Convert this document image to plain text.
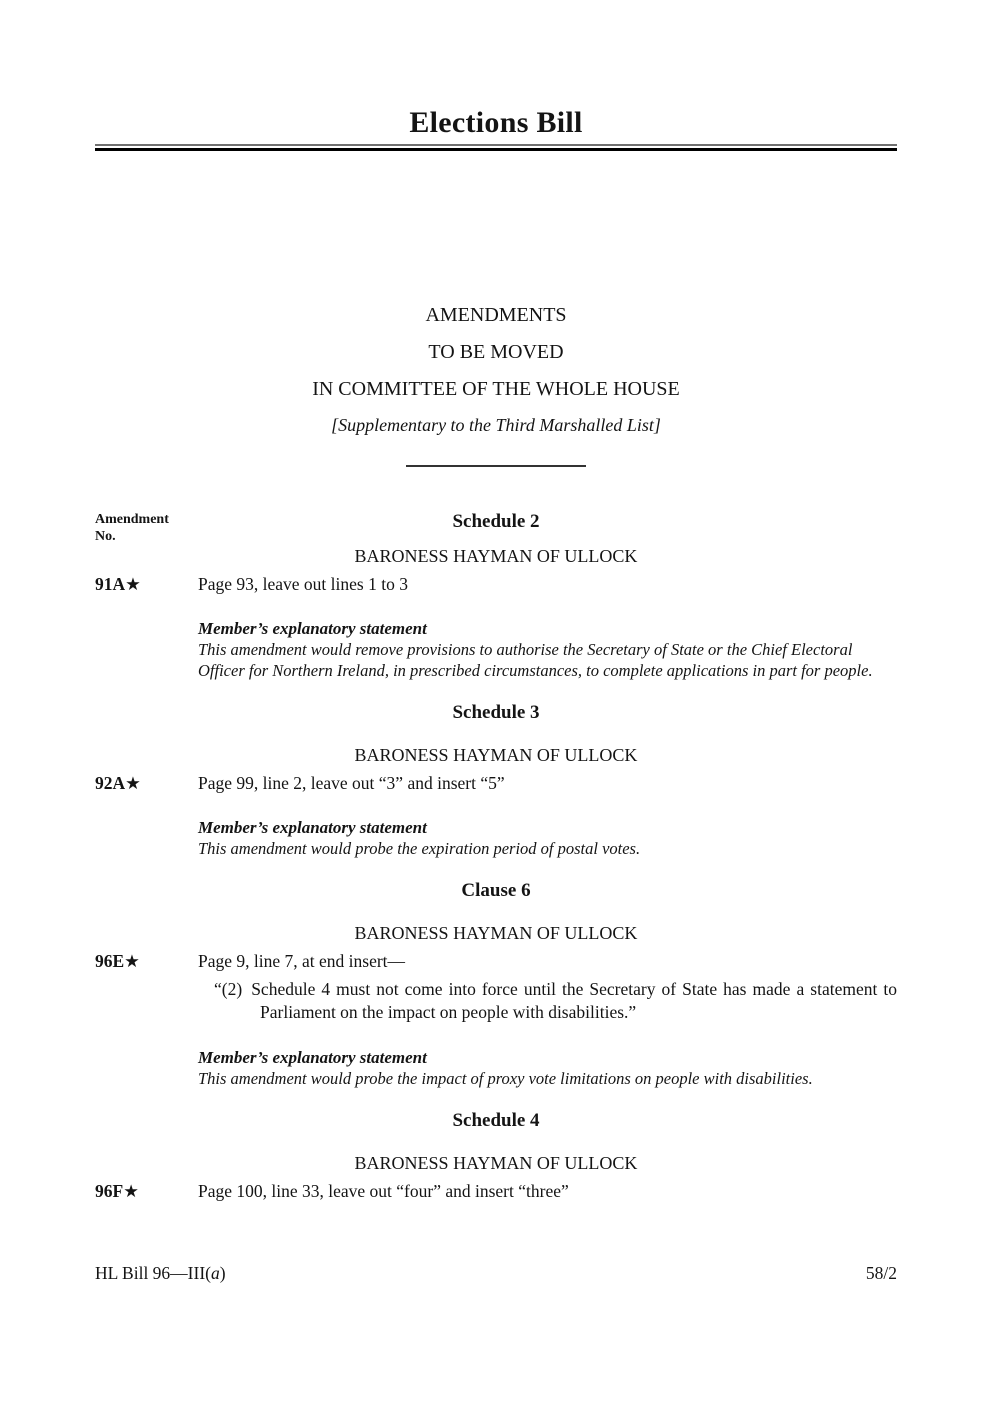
Elections Bill
AMENDMENTS
TO BE MOVED
IN COMMITTEE OF THE WHOLE HOUSE
[Supplementary to the Third Marshalled List]
Amendment
No.
Schedule 2
BARONESS HAYMAN OF ULLOCK
91A★	Page 93, leave out lines 1 to 3

Member’s explanatory statement
This amendment would remove provisions to authorise the Secretary of State or the Chief Electoral Officer for Northern Ireland, in prescribed circumstances, to complete applications in part for people.
Schedule 3
BARONESS HAYMAN OF ULLOCK
92A★	Page 99, line 2, leave out “3” and insert “5”

Member’s explanatory statement
This amendment would probe the expiration period of postal votes.
Clause 6
BARONESS HAYMAN OF ULLOCK
96E★	Page 9, line 7, at end insert—

“(2) Schedule 4 must not come into force until the Secretary of State has made a statement to Parliament on the impact on people with disabilities.”

Member’s explanatory statement
This amendment would probe the impact of proxy vote limitations on people with disabilities.
Schedule 4
BARONESS HAYMAN OF ULLOCK
96F★	Page 100, line 33, leave out “four” and insert “three”

HL Bill 96—III(a)	58/2
